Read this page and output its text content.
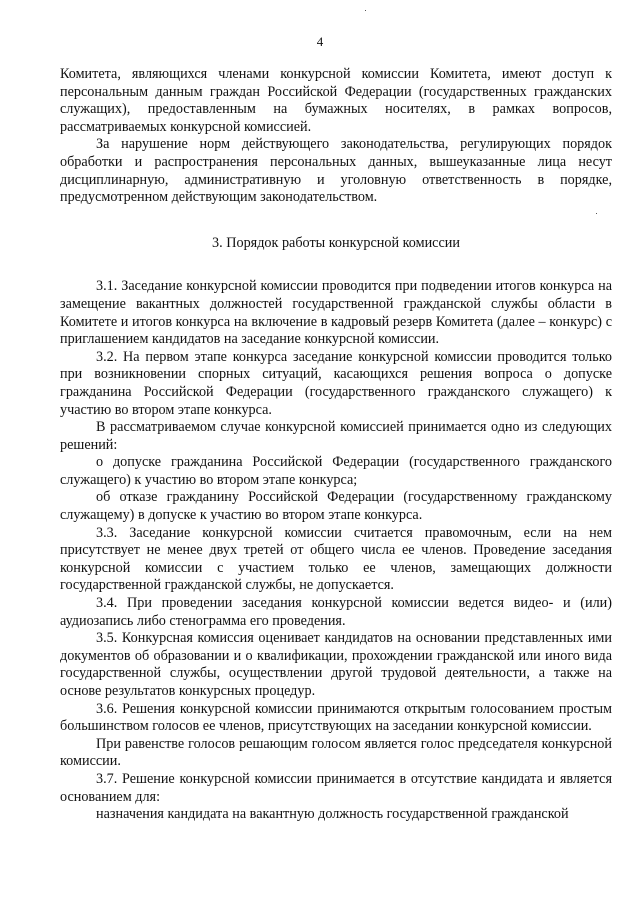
4

Комитета, являющихся членами конкурсной комиссии Комитета, имеют доступ к персональным данным граждан Российской Федерации (государственных гражданских служащих), предоставленным на бумажных носителях, в рамках вопросов, рассматриваемых конкурсной комиссией.

За нарушение норм действующего законодательства, регулирующих порядок обработки и распространения персональных данных, вышеуказанные лица несут дисциплинарную, административную и уголовную ответственность в порядке, предусмотренном действующим законодательством.

3. Порядок работы конкурсной комиссии

3.1. Заседание конкурсной комиссии проводится при подведении итогов конкурса на замещение вакантных должностей государственной гражданской службы области в Комитете и итогов конкурса на включение в кадровый резерв Комитета (далее – конкурс) с приглашением кандидатов на заседание конкурсной комиссии.

3.2. На первом этапе конкурса заседание конкурсной комиссии проводится только при возникновении спорных ситуаций, касающихся решения вопроса о допуске гражданина Российской Федерации (государственного гражданского служащего) к участию во втором этапе конкурса.

В рассматриваемом случае конкурсной комиссией принимается одно из следующих решений:

о допуске гражданина Российской Федерации (государственного гражданского служащего) к участию во втором этапе конкурса;

об отказе гражданину Российской Федерации (государственному гражданскому служащему) в допуске к участию во втором этапе конкурса.

3.3. Заседание конкурсной комиссии считается правомочным, если на нем присутствует не менее двух третей от общего числа ее членов. Проведение заседания конкурсной комиссии с участием только ее членов, замещающих должности государственной гражданской службы, не допускается.

3.4. При проведении заседания конкурсной комиссии ведется видео- и (или) аудиозапись либо стенограмма его проведения.

3.5. Конкурсная комиссия оценивает кандидатов на основании представленных ими документов об образовании и о квалификации, прохождении гражданской или иного вида государственной службы, осуществлении другой трудовой деятельности, а также на основе результатов конкурсных процедур.

3.6. Решения конкурсной комиссии принимаются открытым голосованием простым большинством голосов ее членов, присутствующих на заседании конкурсной комиссии.

При равенстве голосов решающим голосом является голос председателя конкурсной комиссии.

3.7. Решение конкурсной комиссии принимается в отсутствие кандидата и является основанием для:

назначения кандидата на вакантную должность государственной гражданской
